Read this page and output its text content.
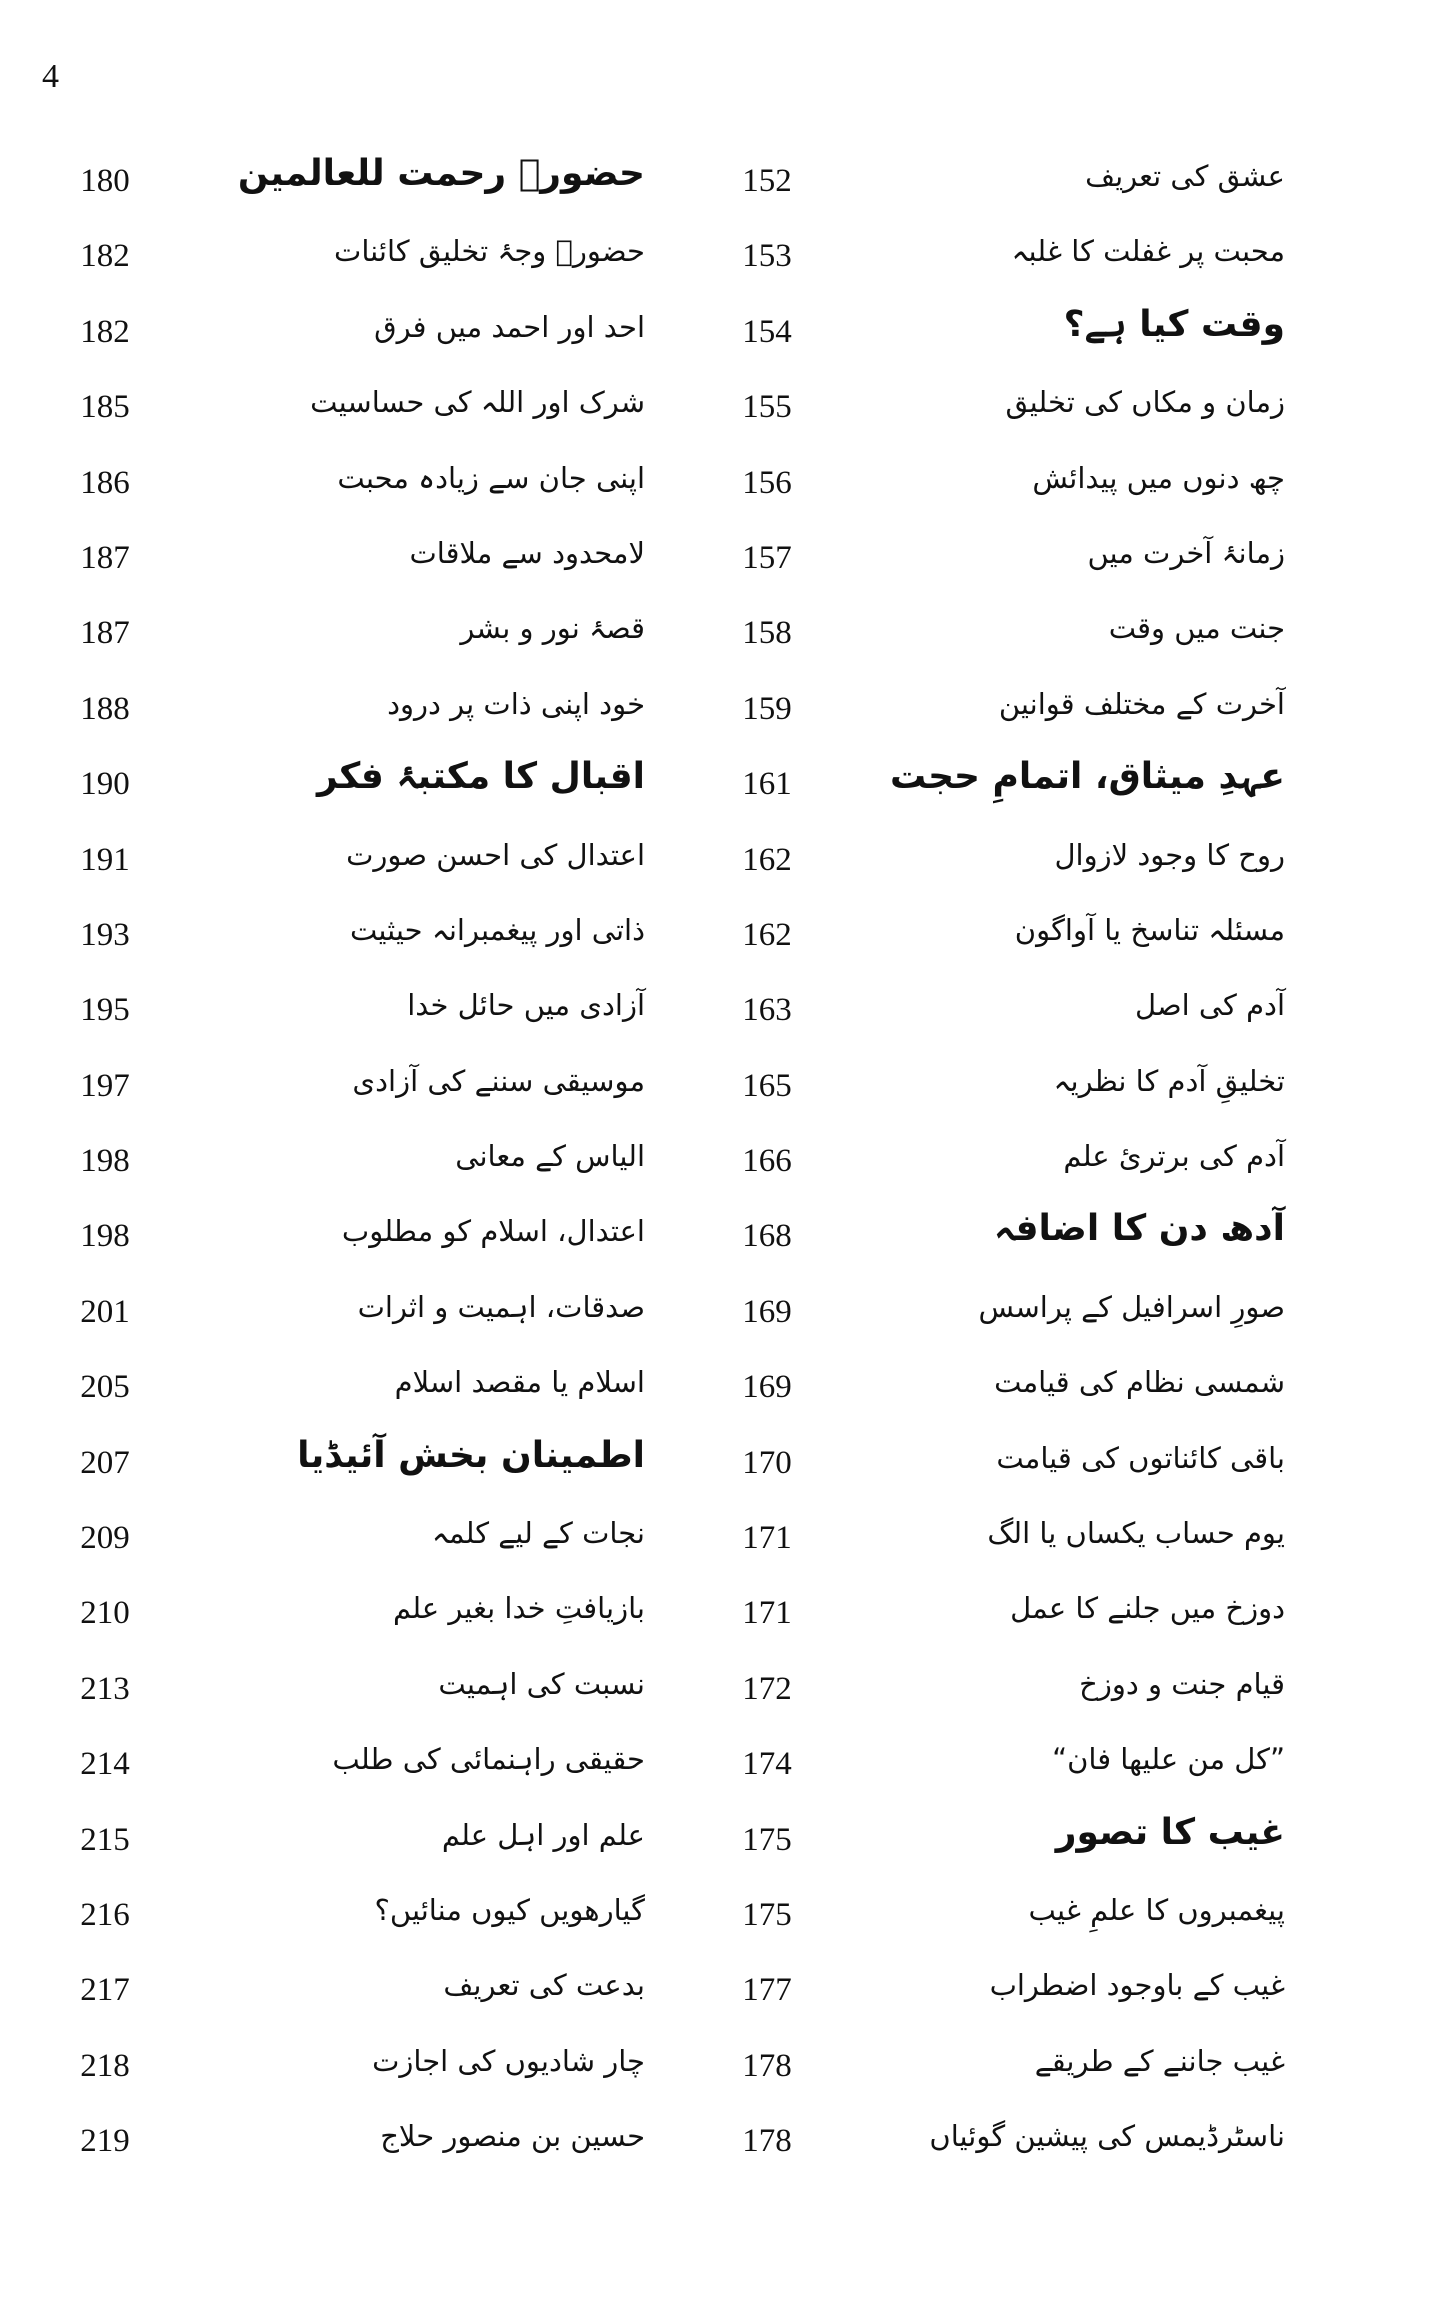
4
180	حضورؐ رحمت للعالمین	152	عشق کی تعریف
182	حضورؐ وجۂ تخلیق کائنات	153	محبت پر غفلت کا غلبہ
182	احد اور احمد میں فرق	154	وقت کیا ہے؟
185	شرک اور اللہ کی حساسیت	155	زمان و مکاں کی تخلیق
186	اپنی جان سے زیادہ محبت	156	چھ دنوں میں پیدائش
187	لامحدود سے ملاقات	157	زمانۂ آخرت میں
187	قصۂ نور و بشر	158	جنت میں وقت
188	خود اپنی ذات پر درود	159	آخرت کے مختلف قوانین
190	اقبال کا مکتبۂ فکر	161	عہدِ میثاق، اتمامِ حجت
191	اعتدال کی احسن صورت	162	روح کا وجود لازوال
193	ذاتی اور پیغمبرانہ حیثیت	162	مسئلہ تناسخ یا آواگون
195	آزادی میں حائل خدا	163	آدم کی اصل
197	موسیقی سننے کی آزادی	165	تخلیقِ آدم کا نظریہ
198	الیاس کے معانی	166	آدم کی برتریٔ علم
198	اعتدال، اسلام کو مطلوب	168	آدھ دن کا اضافہ
201	صدقات، اہمیت و اثرات	169	صورِ اسرافیل کے پراسس
205	اسلام یا مقصد اسلام	169	شمسی نظام کی قیامت
207	اطمینان بخش آئیڈیا	170	باقی کائناتوں کی قیامت
209	نجات کے لیے کلمہ	171	یوم حساب یکساں یا الگ
210	بازیافتِ خدا بغیر علم	171	دوزخ میں جلنے کا عمل
213	نسبت کی اہمیت	172	قیام جنت و دوزخ
214	حقیقی راہنمائی کی طلب	174	”کل من علیھا فان“
215	علم اور اہل علم	175	غیب کا تصور
216	گیارھویں کیوں منائیں؟	175	پیغمبروں کا علمِ غیب
217	بدعت کی تعریف	177	غیب کے باوجود اضطراب
218	چار شادیوں کی اجازت	178	غیب جاننے کے طریقے
219	حسین بن منصور حلاج	178	ناسٹرڈیمس کی پیشین گوئیاں
